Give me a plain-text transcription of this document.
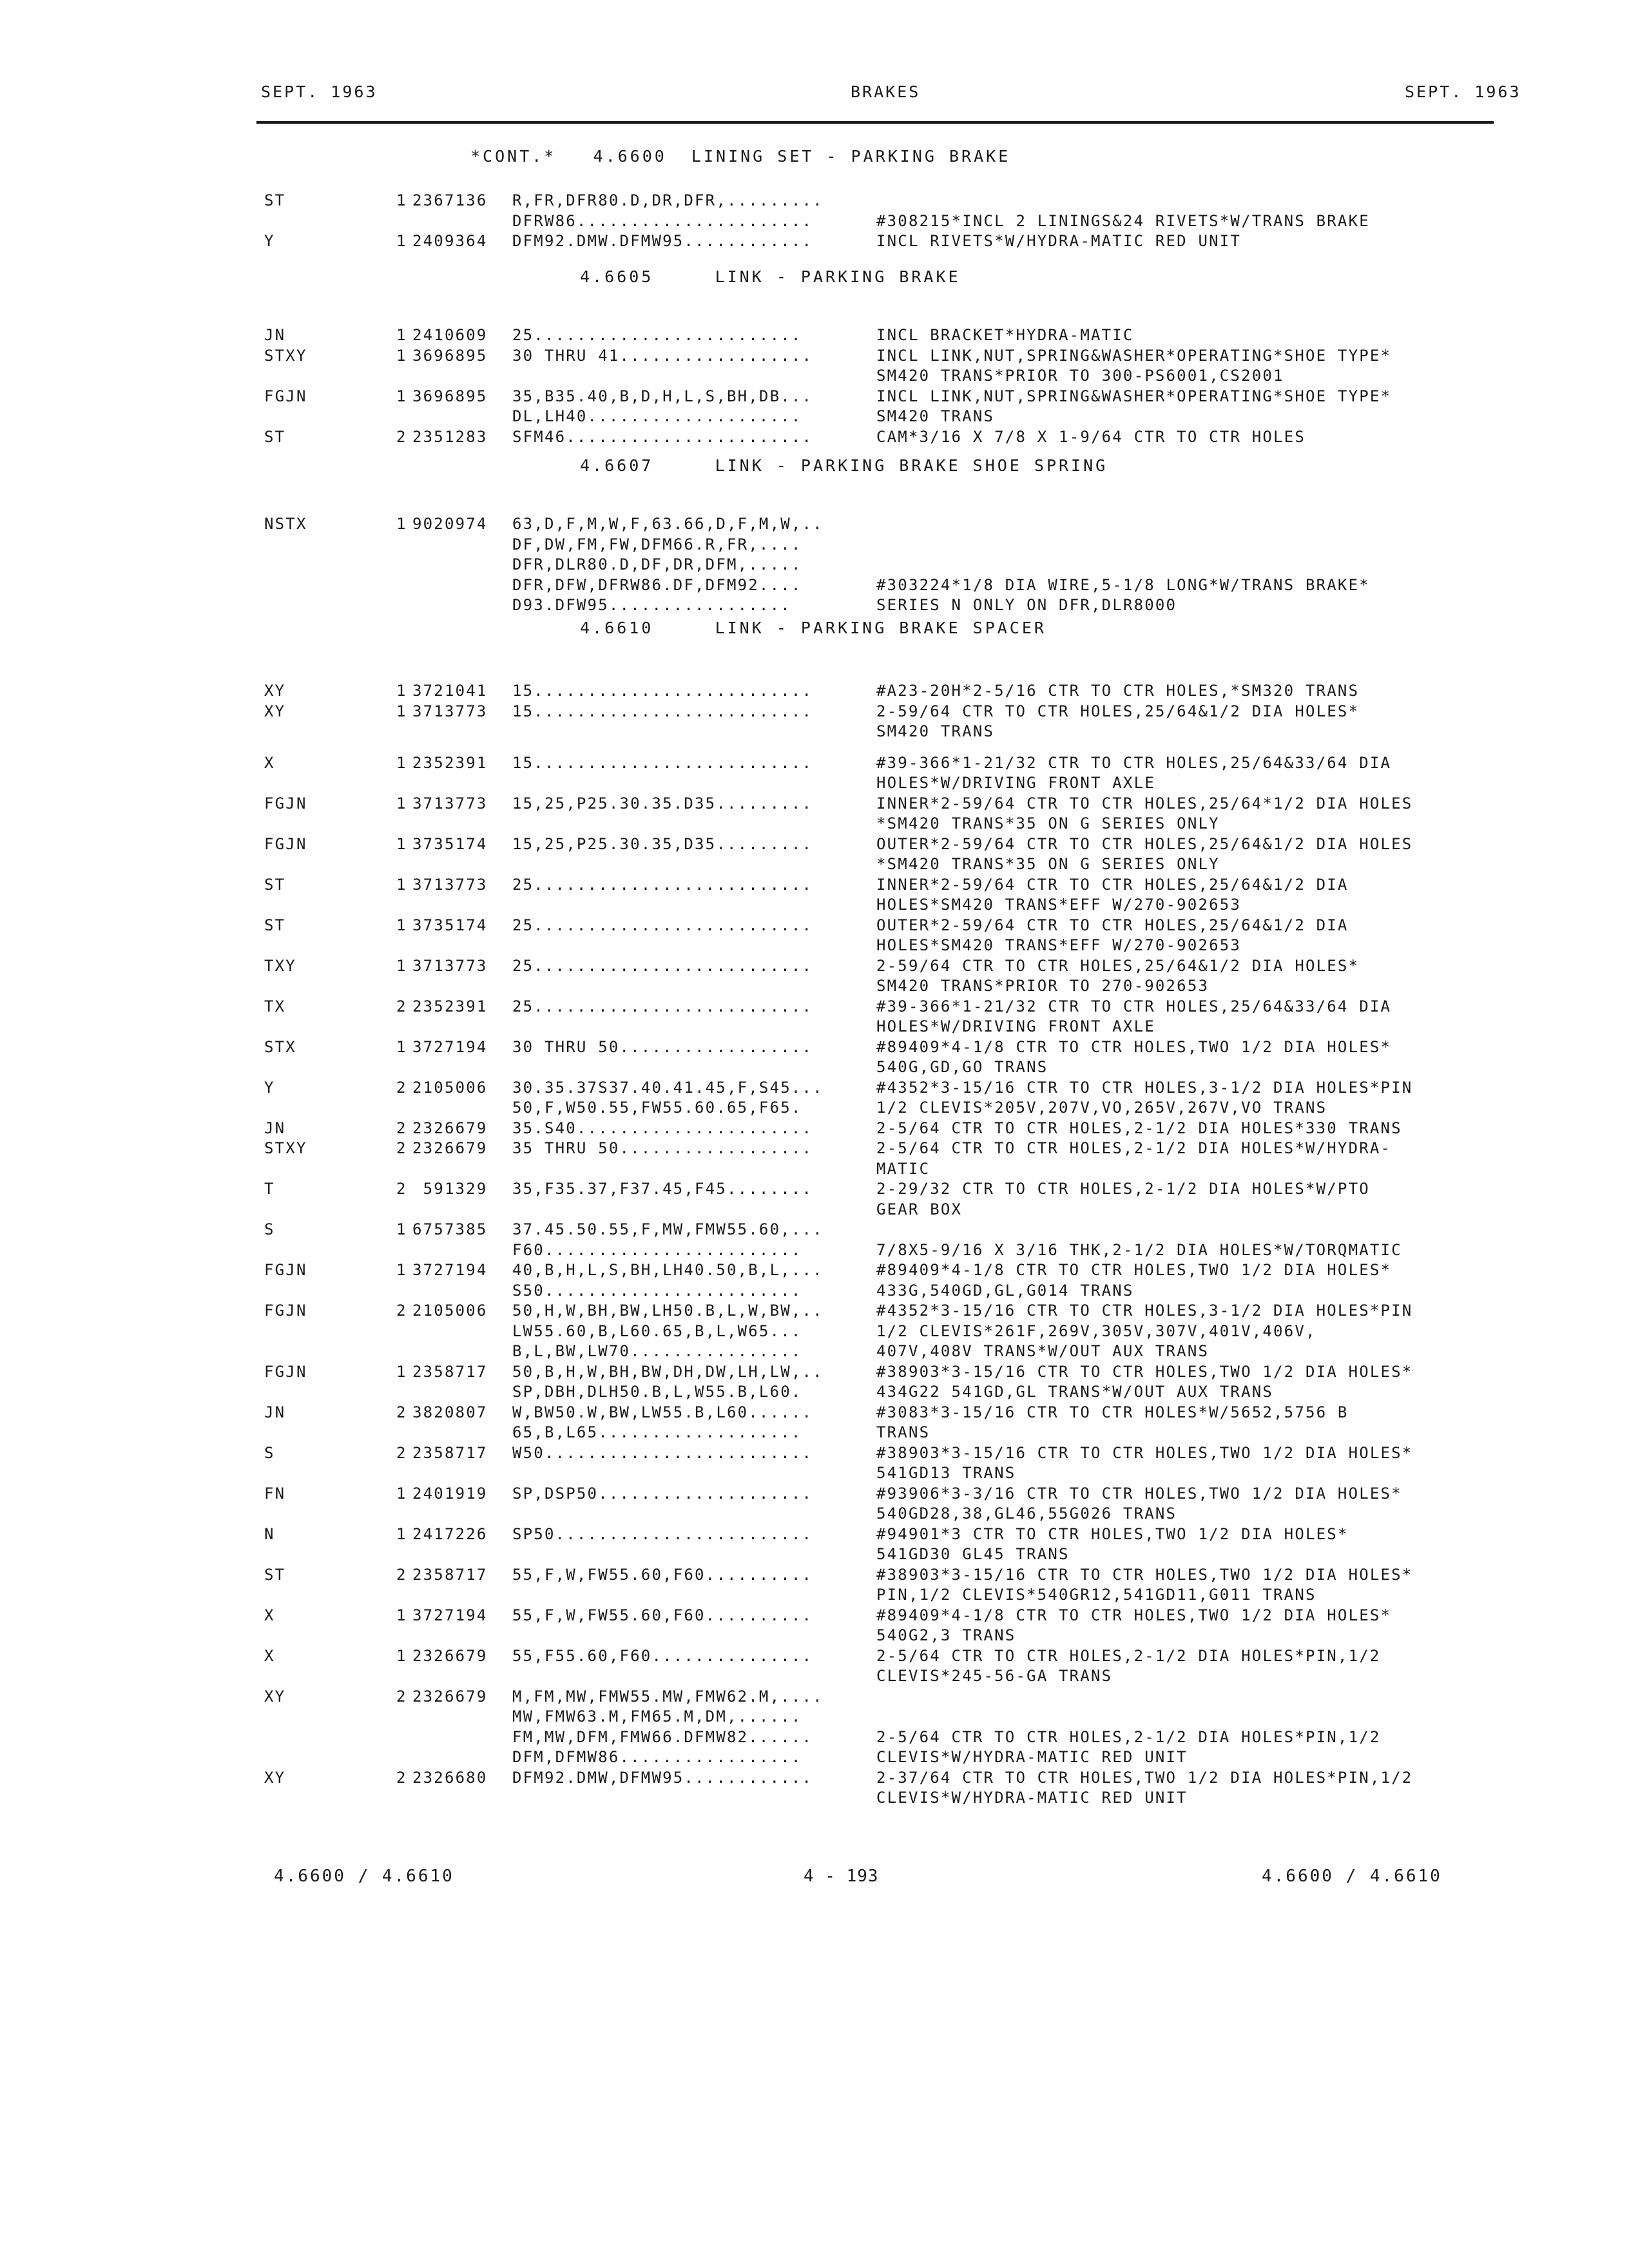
SEPT. 1963	BRAKES	SEPT. 1963
*CONT.*   4.6600  LINING SET - PARKING BRAKE
ST	1 2367136 R,FR,DFR80.D,DR,DFR,.........
DFRW86......................	#308215*INCL 2 LININGS&24 RIVETS*W/TRANS BRAKE
Y	1 2409364 DFM92.DMW.DFMW95............	INCL RIVETS*W/HYDRA-MATIC RED UNIT
4.6605     LINK - PARKING BRAKE
JN	1 2410609 25.........................	INCL BRACKET*HYDRA-MATIC
STXY	1 3696895 30 THRU 41..................	INCL LINK,NUT,SPRING&WASHER*OPERATING*SHOE TYPE*
SM420 TRANS*PRIOR TO 300-PS6001,CS2001
FGJN	1 3696895 35,B35.40,B,D,H,L,S,BH,DB...	INCL LINK,NUT,SPRING&WASHER*OPERATING*SHOE TYPE*
DL,LH40....................	SM420 TRANS
ST	2 2351283 SFM46.......................	CAM*3/16 X 7/8 X 1-9/64 CTR TO CTR HOLES
4.6607     LINK - PARKING BRAKE SHOE SPRING
NSTX	1 9020974 63,D,F,M,W,F,63.66,D,F,M,W,..
DF,DW,FM,FW,DFM66.R,FR,....
DFR,DLR80.D,DF,DR,DFM,.....
DFR,DFW,DFRW86.DF,DFM92....	#303224*1/8 DIA WIRE,5-1/8 LONG*W/TRANS BRAKE*
D93.DFW95.................	SERIES N ONLY ON DFR,DLR8000
4.6610     LINK - PARKING BRAKE SPACER
XY	1 3721041 15..........................	#A23-20H*2-5/16 CTR TO CTR HOLES,*SM320 TRANS
XY	1 3713773 15..........................	2-59/64 CTR TO CTR HOLES,25/64&1/2 DIA HOLES*
SM420 TRANS
X	1 2352391 15..........................	#39-366*1-21/32 CTR TO CTR HOLES,25/64&33/64 DIA
HOLES*W/DRIVING FRONT AXLE
FGJN	1 3713773 15,25,P25.30.35.D35.........	INNER*2-59/64 CTR TO CTR HOLES,25/64*1/2 DIA HOLES
*SM420 TRANS*35 ON G SERIES ONLY
FGJN	1 3735174 15,25,P25.30.35,D35.........	OUTER*2-59/64 CTR TO CTR HOLES,25/64&1/2 DIA HOLES
*SM420 TRANS*35 ON G SERIES ONLY
ST	1 3713773 25..........................	INNER*2-59/64 CTR TO CTR HOLES,25/64&1/2 DIA
HOLES*SM420 TRANS*EFF W/270-902653
ST	1 3735174 25..........................	OUTER*2-59/64 CTR TO CTR HOLES,25/64&1/2 DIA
HOLES*SM420 TRANS*EFF W/270-902653
TXY	1 3713773 25..........................	2-59/64 CTR TO CTR HOLES,25/64&1/2 DIA HOLES*
SM420 TRANS*PRIOR TO 270-902653
TX	2 2352391 25..........................	#39-366*1-21/32 CTR TO CTR HOLES,25/64&33/64 DIA
HOLES*W/DRIVING FRONT AXLE
STX	1 3727194 30 THRU 50..................	#89409*4-1/8 CTR TO CTR HOLES,TWO 1/2 DIA HOLES*
540G,GD,GO TRANS
Y	2 2105006 30.35.37S37.40.41.45,F,S45...	#4352*3-15/16 CTR TO CTR HOLES,3-1/2 DIA HOLES*PIN
50,F,W50.55,FW55.60.65,F65.	1/2 CLEVIS*205V,207V,VO,265V,267V,VO TRANS
JN	2 2326679 35.S40......................	2-5/64 CTR TO CTR HOLES,2-1/2 DIA HOLES*330 TRANS
STXY	2 2326679 35 THRU 50..................	2-5/64 CTR TO CTR HOLES,2-1/2 DIA HOLES*W/HYDRA-
MATIC
T	2 591329 35,F35.37,F37.45,F45........	2-29/32 CTR TO CTR HOLES,2-1/2 DIA HOLES*W/PTO
GEAR BOX
S	1 6757385 37.45.50.55,F,MW,FMW55.60,...
F60........................	7/8X5-9/16 X 3/16 THK,2-1/2 DIA HOLES*W/TORQMATIC
FGJN	1 3727194 40,B,H,L,S,BH,LH40.50,B,L,...	#89409*4-1/8 CTR TO CTR HOLES,TWO 1/2 DIA HOLES*
S50........................	433G,540GD,GL,G014 TRANS
FGJN	2 2105006 50,H,W,BH,BW,LH50.B,L,W,BW,..	#4352*3-15/16 CTR TO CTR HOLES,3-1/2 DIA HOLES*PIN
LW55.60,B,L60.65,B,L,W65...	1/2 CLEVIS*261F,269V,305V,307V,401V,406V,
B,L,BW,LW70................	407V,408V TRANS*W/OUT AUX TRANS
FGJN	1 2358717 50,B,H,W,BH,BW,DH,DW,LH,LW,..	#38903*3-15/16 CTR TO CTR HOLES,TWO 1/2 DIA HOLES*
SP,DBH,DLH50.B,L,W55.B,L60.	434G22 541GD,GL TRANS*W/OUT AUX TRANS
JN	2 3820807 W,BW50.W,BW,LW55.B,L60......	#3083*3-15/16 CTR TO CTR HOLES*W/5652,5756 B
65,B,L65...................	TRANS
S	2 2358717 W50.........................	#38903*3-15/16 CTR TO CTR HOLES,TWO 1/2 DIA HOLES*
541GD13 TRANS
FN	1 2401919 SP,DSP50....................	#93906*3-3/16 CTR TO CTR HOLES,TWO 1/2 DIA HOLES*
540GD28,38,GL46,55G026 TRANS
N	1 2417226 SP50........................	#94901*3 CTR TO CTR HOLES,TWO 1/2 DIA HOLES*
541GD30 GL45 TRANS
ST	2 2358717 55,F,W,FW55.60,F60..........	#38903*3-15/16 CTR TO CTR HOLES,TWO 1/2 DIA HOLES*
PIN,1/2 CLEVIS*540GR12,541GD11,G011 TRANS
X	1 3727194 55,F,W,FW55.60,F60..........	#89409*4-1/8 CTR TO CTR HOLES,TWO 1/2 DIA HOLES*
540G2,3 TRANS
X	1 2326679 55,F55.60,F60...............	2-5/64 CTR TO CTR HOLES,2-1/2 DIA HOLES*PIN,1/2
CLEVIS*245-56-GA TRANS
XY	2 2326679 M,FM,MW,FMW55.MW,FMW62.M,....
MW,FMW63.M,FM65.M,DM,......
FM,MW,DFM,FMW66.DFMW82......	2-5/64 CTR TO CTR HOLES,2-1/2 DIA HOLES*PIN,1/2
DFM,DFMW86.................	CLEVIS*W/HYDRA-MATIC RED UNIT
XY	2 2326680 DFM92.DMW,DFMW95............	2-37/64 CTR TO CTR HOLES,TWO 1/2 DIA HOLES*PIN,1/2
CLEVIS*W/HYDRA-MATIC RED UNIT
4.6600 / 4.6610	4 - 193	4.6600 / 4.6610
